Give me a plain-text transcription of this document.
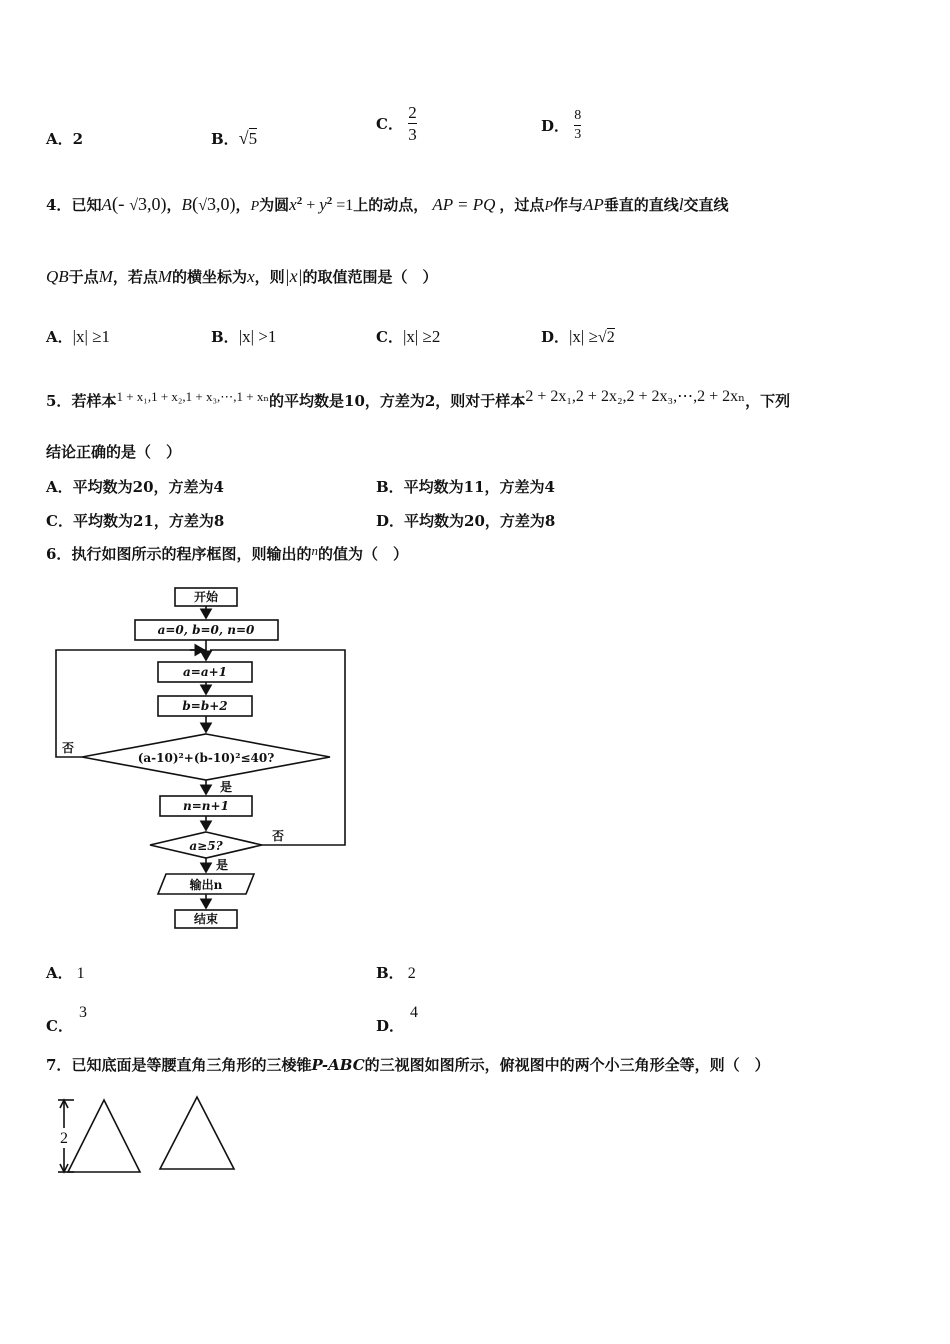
A．2	B．√5
C． $\frac{2}{3}$	D． $\frac{8}{3}$
4．已知A(- √3,0)，B(√3,0)，P为圆$x^2 + y^2 =1$上的动点， AP = PQ ，过点P作与AP垂直的直线l交直线
QB于点M，若点M的横坐标为x，则|x|的取值范围是（　）
A．|x| ≥1	B．|x| >1	C．|x| ≥2	D．|x| ≥√2
5．若样本1 + x₁,1 + x₂,1 + x₃,⋯,1 + xₙ的平均数是10，方差为2，则对于样本2 + 2x₁,2 + 2x₂,2 + 2x₃,⋯,2 + 2xₙ，下列
结论正确的是（　）
A．平均数为20，方差为4	B．平均数为11，方差为4
C．平均数为21，方差为8	D．平均数为20，方差为8
6．执行如图所示的程序框图，则输出的n的值为（　）
开始
a=0, b=0, n=0
a=a+1
b=b+2
(a-10)²+(b-10)²≤40?
否
是
n=n+1
a≥5?
否
是
输出n
结束
A． 1	B． 2
C．3
D．4
7．已知底面是等腰直角三角形的三棱锥P-ABC的三视图如图所示，俯视图中的两个小三角形全等，则（　）
2
